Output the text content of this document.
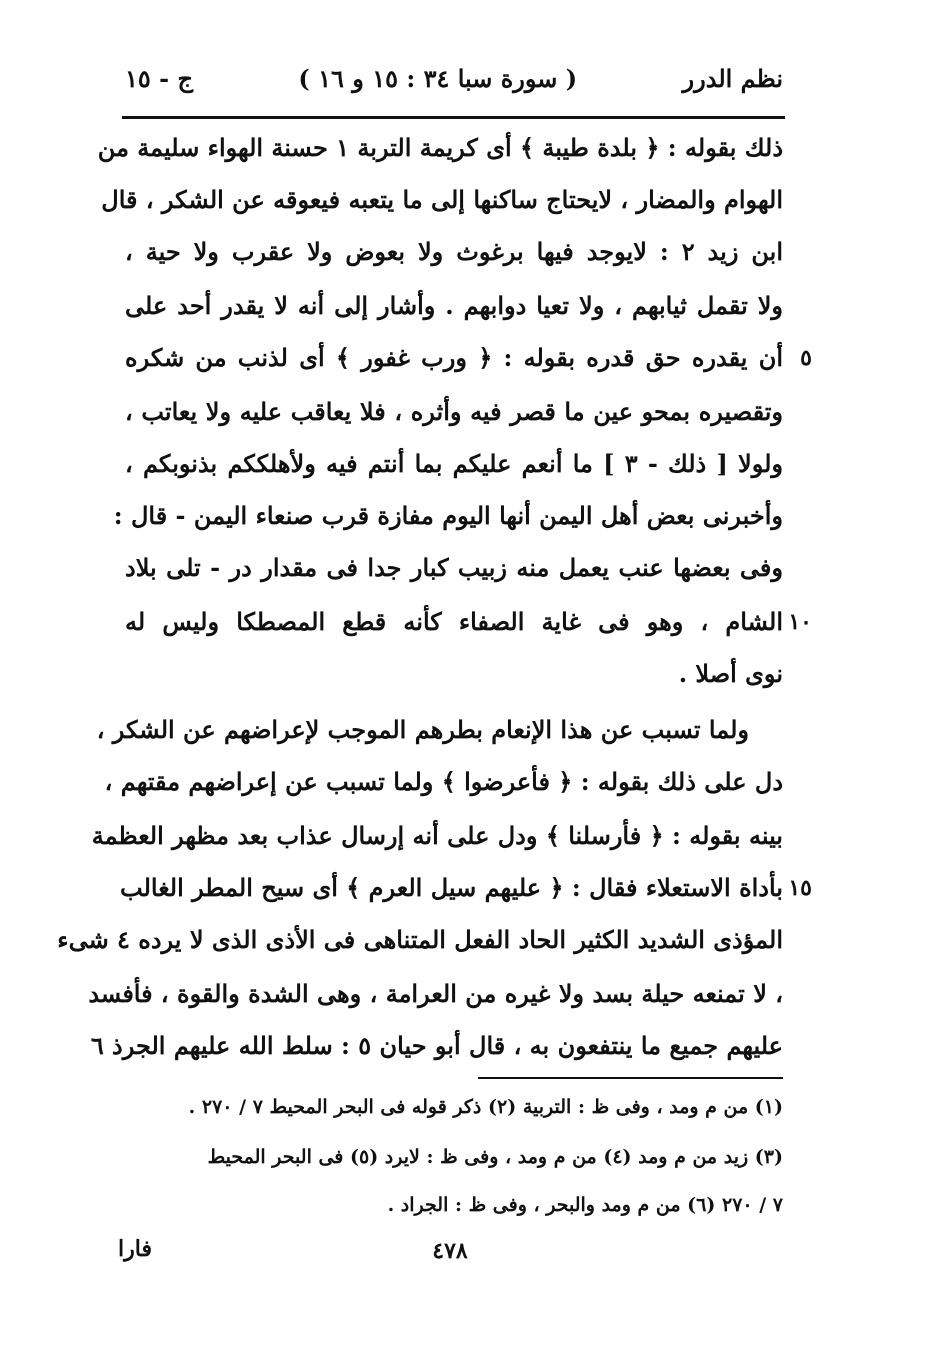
نظم الدرر
( سورة سبا ٣٤ : ١٥ و ١٦ )
ج - ١٥
ذلك بقوله : ﴿ بلدة طيبة ﴾ أى كريمة التربة ١ حسنة الهواء سليمة من
الهوام والمضار ، لايحتاج ساكنها إلى ما يتعبه فيعوقه عن الشكر ، قال
ابن زيد ٢ : لايوجد فيها برغوث ولا بعوض ولا عقرب ولا حية ،
ولا تقمل ثيابهم ، ولا تعيا دوابهم . وأشار إلى أنه لا يقدر أحد على
أن يقدره حق قدره بقوله : ﴿ ورب غفور ﴾ أى لذنب من شكره
وتقصيره بمحو عين ما قصر فيه وأثره ، فلا يعاقب عليه ولا يعاتب ،
ولولا [ ذلك - ٣ ] ما أنعم عليكم بما أنتم فيه ولأهلككم بذنوبكم ،
وأخبرنى بعض أهل اليمن أنها اليوم مفازة قرب صنعاء اليمن - قال :
وفى بعضها عنب يعمل منه زبيب كبار جدا فى مقدار در - تلى بلاد
الشام ، وهو فى غاية الصفاء كأنه قطع المصطكا وليس له
نوى أصلا .
ولما تسبب عن هذا الإنعام بطرهم الموجب لإعراضهم عن الشكر ،
دل على ذلك بقوله : ﴿ فأعرضوا ﴾ ولما تسبب عن إعراضهم مقتهم ،
بينه بقوله : ﴿ فأرسلنا ﴾ ودل على أنه إرسال عذاب بعد مظهر العظمة
بأداة الاستعلاء فقال : ﴿ عليهم سيل العرم ﴾ أى سيح المطر الغالب
المؤذى الشديد الكثير الحاد الفعل المتناهى فى الأذى الذى لا يرده ٤ شىء
، لا تمنعه حيلة بسد ولا غيره من العرامة ، وهى الشدة والقوة ، فأفسد
عليهم جميع ما ينتفعون به ، قال أبو حيان ٥ : سلط الله عليهم الجرذ ٦
٥
١٠
١٥
(١) من م ومد ، وفى ظ : التربية (٢) ذكر قوله فى البحر المحيط ٧ / ٢٧٠ .
(٣) زيد من م ومد (٤) من م ومد ، وفى ظ : لايرد (٥) فى البحر المحيط
٧ / ٢٧٠ (٦) من م ومد والبحر ، وفى ظ : الجراد .
٤٧٨
فارا
